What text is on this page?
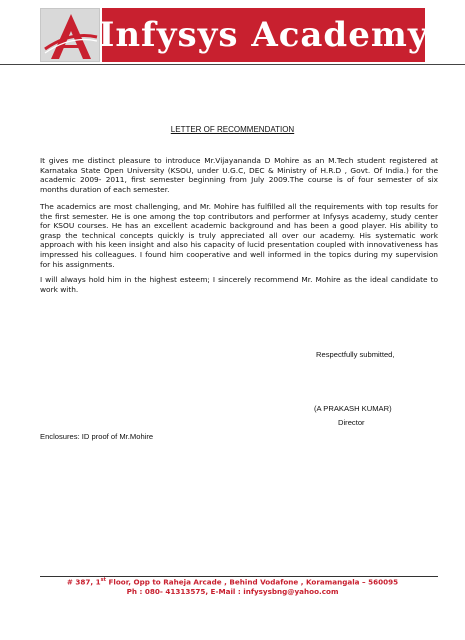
Infysys Academy
LETTER OF RECOMMENDATION

It gives me distinct pleasure to introduce Mr.Vijayananda D Mohire as an M.Tech student registered at Karnataka State Open University (KSOU, under U.G.C, DEC & Ministry of H.R.D , Govt. Of India.) for the academic 2009- 2011, first semester beginning from July 2009.The course is of four semester of six months duration of each semester.

The academics are most challenging, and Mr. Mohire has fulfilled all the requirements with top results for the first semester. He is one among the top contributors and performer at Infysys academy, study center for KSOU courses. He has an excellent academic background and has been a good player. His ability to grasp the technical concepts quickly is truly appreciated all over our academy. His systematic work approach with his keen insight and also his capacity of lucid presentation coupled with innovativeness has impressed his colleagues. I found him cooperative and well informed in the topics during my supervision for his assignments.

I will always hold him in the highest esteem; I sincerely recommend Mr. Mohire as the ideal candidate to work with.

Respectfully submitted,
(A PRAKASH KUMAR)
Director
Enclosures: ID proof of Mr.Mohire
# 387, 1st Floor, Opp to Raheja Arcade , Behind Vodafone , Koramangala – 560095
Ph : 080- 41313575, E-Mail : infysysbng@yahoo.com
